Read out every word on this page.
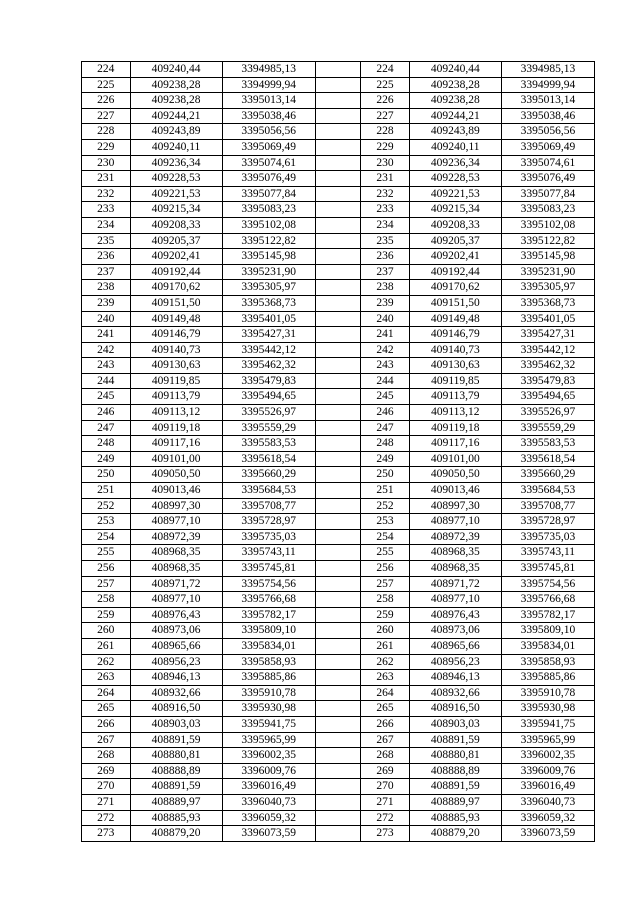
224	409240,44	3394985,13		224	409240,44	3394985,13
225	409238,28	3394999,94		225	409238,28	3394999,94
226	409238,28	3395013,14		226	409238,28	3395013,14
227	409244,21	3395038,46		227	409244,21	3395038,46
228	409243,89	3395056,56		228	409243,89	3395056,56
229	409240,11	3395069,49		229	409240,11	3395069,49
230	409236,34	3395074,61		230	409236,34	3395074,61
231	409228,53	3395076,49		231	409228,53	3395076,49
232	409221,53	3395077,84		232	409221,53	3395077,84
233	409215,34	3395083,23		233	409215,34	3395083,23
234	409208,33	3395102,08		234	409208,33	3395102,08
235	409205,37	3395122,82		235	409205,37	3395122,82
236	409202,41	3395145,98		236	409202,41	3395145,98
237	409192,44	3395231,90		237	409192,44	3395231,90
238	409170,62	3395305,97		238	409170,62	3395305,97
239	409151,50	3395368,73		239	409151,50	3395368,73
240	409149,48	3395401,05		240	409149,48	3395401,05
241	409146,79	3395427,31		241	409146,79	3395427,31
242	409140,73	3395442,12		242	409140,73	3395442,12
243	409130,63	3395462,32		243	409130,63	3395462,32
244	409119,85	3395479,83		244	409119,85	3395479,83
245	409113,79	3395494,65		245	409113,79	3395494,65
246	409113,12	3395526,97		246	409113,12	3395526,97
247	409119,18	3395559,29		247	409119,18	3395559,29
248	409117,16	3395583,53		248	409117,16	3395583,53
249	409101,00	3395618,54		249	409101,00	3395618,54
250	409050,50	3395660,29		250	409050,50	3395660,29
251	409013,46	3395684,53		251	409013,46	3395684,53
252	408997,30	3395708,77		252	408997,30	3395708,77
253	408977,10	3395728,97		253	408977,10	3395728,97
254	408972,39	3395735,03		254	408972,39	3395735,03
255	408968,35	3395743,11		255	408968,35	3395743,11
256	408968,35	3395745,81		256	408968,35	3395745,81
257	408971,72	3395754,56		257	408971,72	3395754,56
258	408977,10	3395766,68		258	408977,10	3395766,68
259	408976,43	3395782,17		259	408976,43	3395782,17
260	408973,06	3395809,10		260	408973,06	3395809,10
261	408965,66	3395834,01		261	408965,66	3395834,01
262	408956,23	3395858,93		262	408956,23	3395858,93
263	408946,13	3395885,86		263	408946,13	3395885,86
264	408932,66	3395910,78		264	408932,66	3395910,78
265	408916,50	3395930,98		265	408916,50	3395930,98
266	408903,03	3395941,75		266	408903,03	3395941,75
267	408891,59	3395965,99		267	408891,59	3395965,99
268	408880,81	3396002,35		268	408880,81	3396002,35
269	408888,89	3396009,76		269	408888,89	3396009,76
270	408891,59	3396016,49		270	408891,59	3396016,49
271	408889,97	3396040,73		271	408889,97	3396040,73
272	408885,93	3396059,32		272	408885,93	3396059,32
273	408879,20	3396073,59		273	408879,20	3396073,59
